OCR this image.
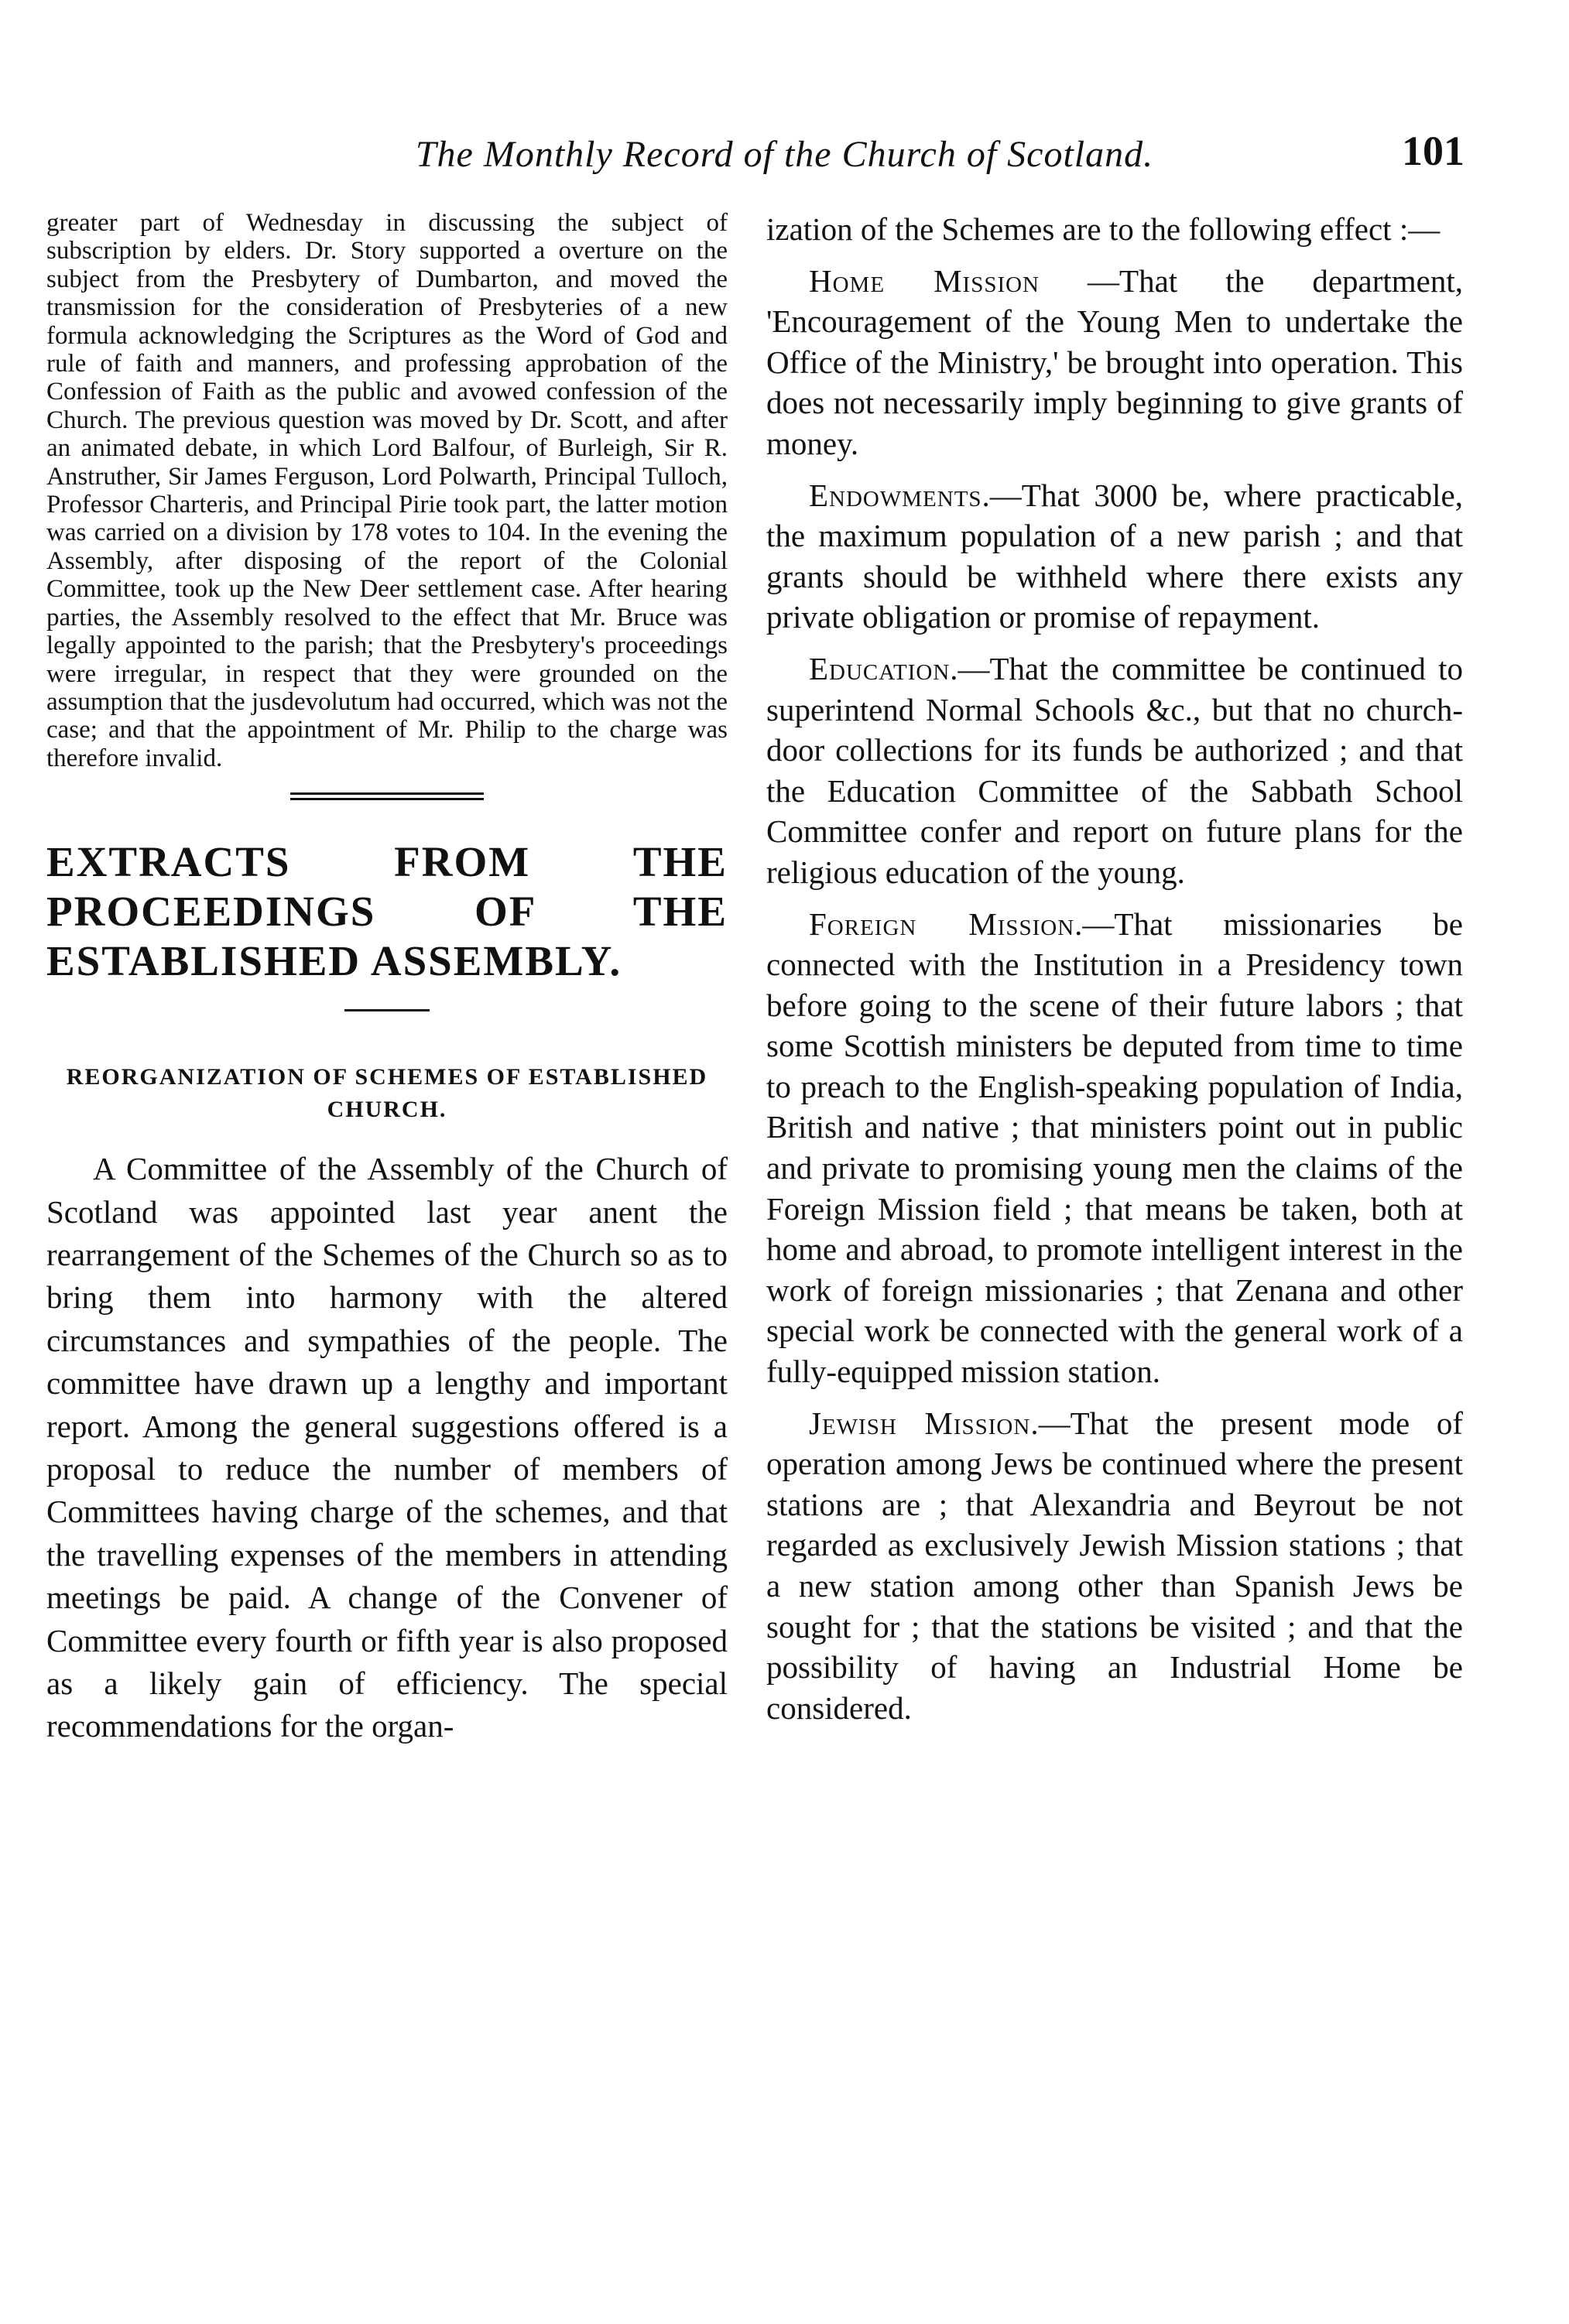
The Monthly Record of the Church of Scotland.	101

greater part of Wednesday in discussing the subject of subscription by elders. Dr. Story supported a overture on the subject from the Presbytery of Dumbarton, and moved the transmission for the consideration of Presbyteries of a new formula acknowledging the Scriptures as the Word of God and rule of faith and manners, and professing approbation of the Confession of Faith as the public and avowed confession of the Church. The previous question was moved by Dr. Scott, and after an animated debate, in which Lord Balfour, of Burleigh, Sir R. Anstruther, Sir James Ferguson, Lord Polwarth, Principal Tulloch, Professor Charteris, and Principal Pirie took part, the latter motion was carried on a division by 178 votes to 104. In the evening the Assembly, after disposing of the report of the Colonial Committee, took up the New Deer settlement case. After hearing parties, the Assembly resolved to the effect that Mr. Bruce was legally appointed to the parish; that the Presbytery's proceedings were irregular, in respect that they were grounded on the assumption that the jusdevolutum had occurred, which was not the case; and that the appointment of Mr. Philip to the charge was therefore invalid.

EXTRACTS FROM THE PROCEEDINGS OF THE ESTABLISHED ASSEMBLY.
REORGANIZATION OF SCHEMES OF ESTABLISHED CHURCH.

A Committee of the Assembly of the Church of Scotland was appointed last year anent the rearrangement of the Schemes of the Church so as to bring them into harmony with the altered circumstances and sympathies of the people. The committee have drawn up a lengthy and important report. Among the general suggestions offered is a proposal to reduce the number of members of Committees having charge of the schemes, and that the travelling expenses of the members in attending meetings be paid. A change of the Convener of Committee every fourth or fifth year is also proposed as a likely gain of efficiency. The special recommendations for the organ-

ization of the Schemes are to the following effect :—

Home Mission —That the department, 'Encouragement of the Young Men to undertake the Office of the Ministry,' be brought into operation. This does not necessarily imply beginning to give grants of money.

Endowments.—That 3000 be, where practicable, the maximum population of a new parish ; and that grants should be withheld where there exists any private obligation or promise of repayment.

Education.—That the committee be continued to superintend Normal Schools &c., but that no church-door collections for its funds be authorized ; and that the Education Committee of the Sabbath School Committee confer and report on future plans for the religious education of the young.

Foreign Mission.—That missionaries be connected with the Institution in a Presidency town before going to the scene of their future labors ; that some Scottish ministers be deputed from time to time to preach to the English-speaking population of India, British and native ; that ministers point out in public and private to promising young men the claims of the Foreign Mission field ; that means be taken, both at home and abroad, to promote intelligent interest in the work of foreign missionaries ; that Zenana and other special work be connected with the general work of a fully-equipped mission station.

Jewish Mission.—That the present mode of operation among Jews be continued where the present stations are ; that Alexandria and Beyrout be not regarded as exclusively Jewish Mission stations ; that a new station among other than Spanish Jews be sought for ; that the stations be visited ; and that the possibility of having an Industrial Home be considered.
